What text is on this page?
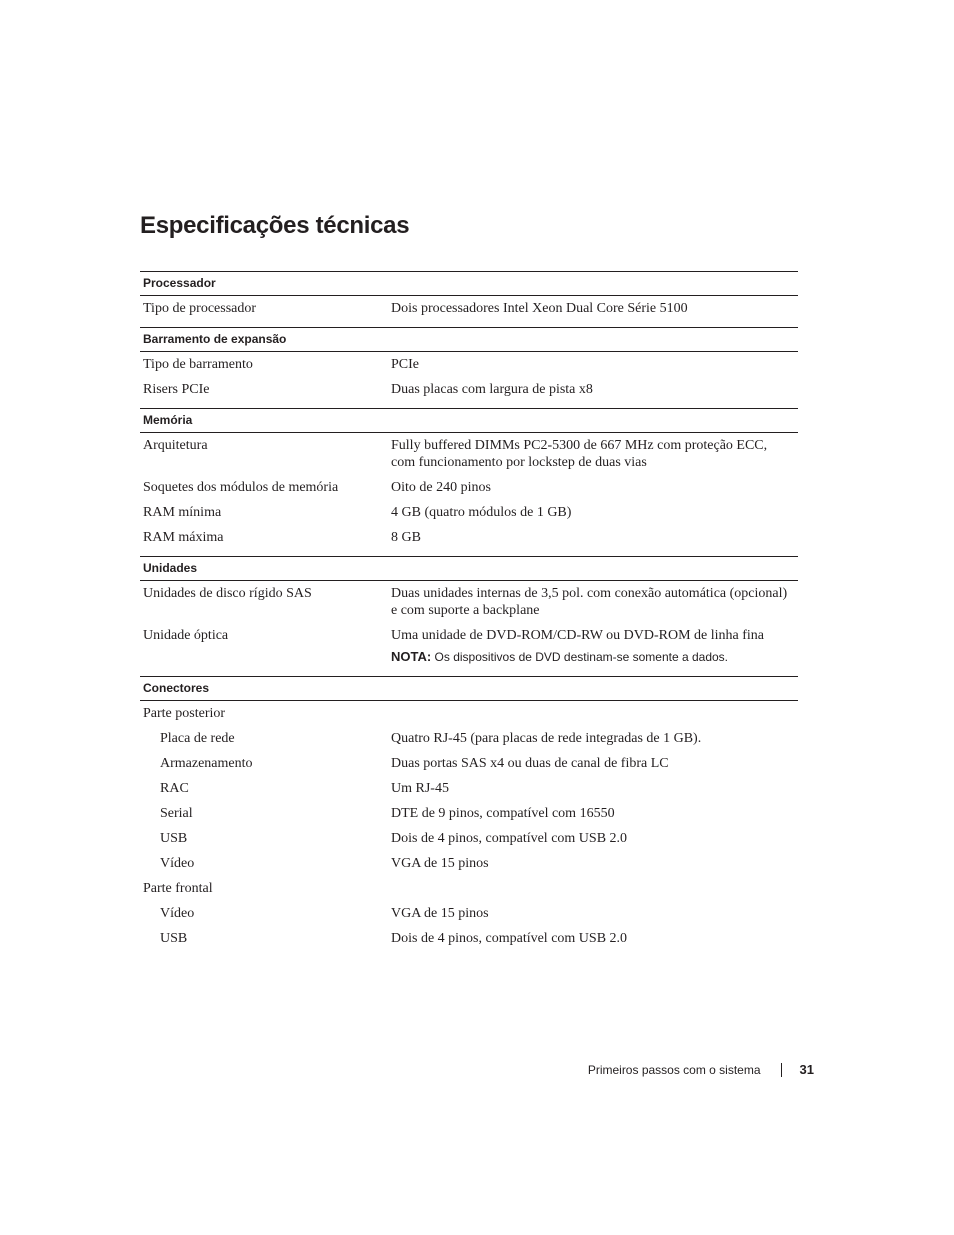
Especificações técnicas
Processador
Tipo de processador	Dois processadores Intel Xeon Dual Core Série 5100
Barramento de expansão
Tipo de barramento	PCIe
Risers PCIe	Duas placas com largura de pista x8
Memória
Arquitetura	Fully buffered DIMMs PC2-5300 de 667 MHz com proteção ECC, com funcionamento por lockstep de duas vias
Soquetes dos módulos de memória	Oito de 240 pinos
RAM mínima	4 GB (quatro módulos de 1 GB)
RAM máxima	8 GB
Unidades
Unidades de disco rígido SAS	Duas unidades internas de 3,5 pol. com conexão automática (opcional) e com suporte a backplane
Unidade óptica	Uma unidade de DVD-ROM/CD-RW ou DVD-ROM de linha fina
NOTA: Os dispositivos de DVD destinam-se somente a dados.
Conectores
Parte posterior
Placa de rede	Quatro RJ-45 (para placas de rede integradas de 1 GB).
Armazenamento	Duas portas SAS x4 ou duas de canal de fibra LC
RAC	Um RJ-45
Serial	DTE de 9 pinos, compatível com 16550
USB	Dois de 4 pinos, compatível com USB 2.0
Vídeo	VGA de 15 pinos
Parte frontal
Vídeo	VGA de 15 pinos
USB	Dois de 4 pinos, compatível com USB 2.0
Primeiros passos com o sistema	31
